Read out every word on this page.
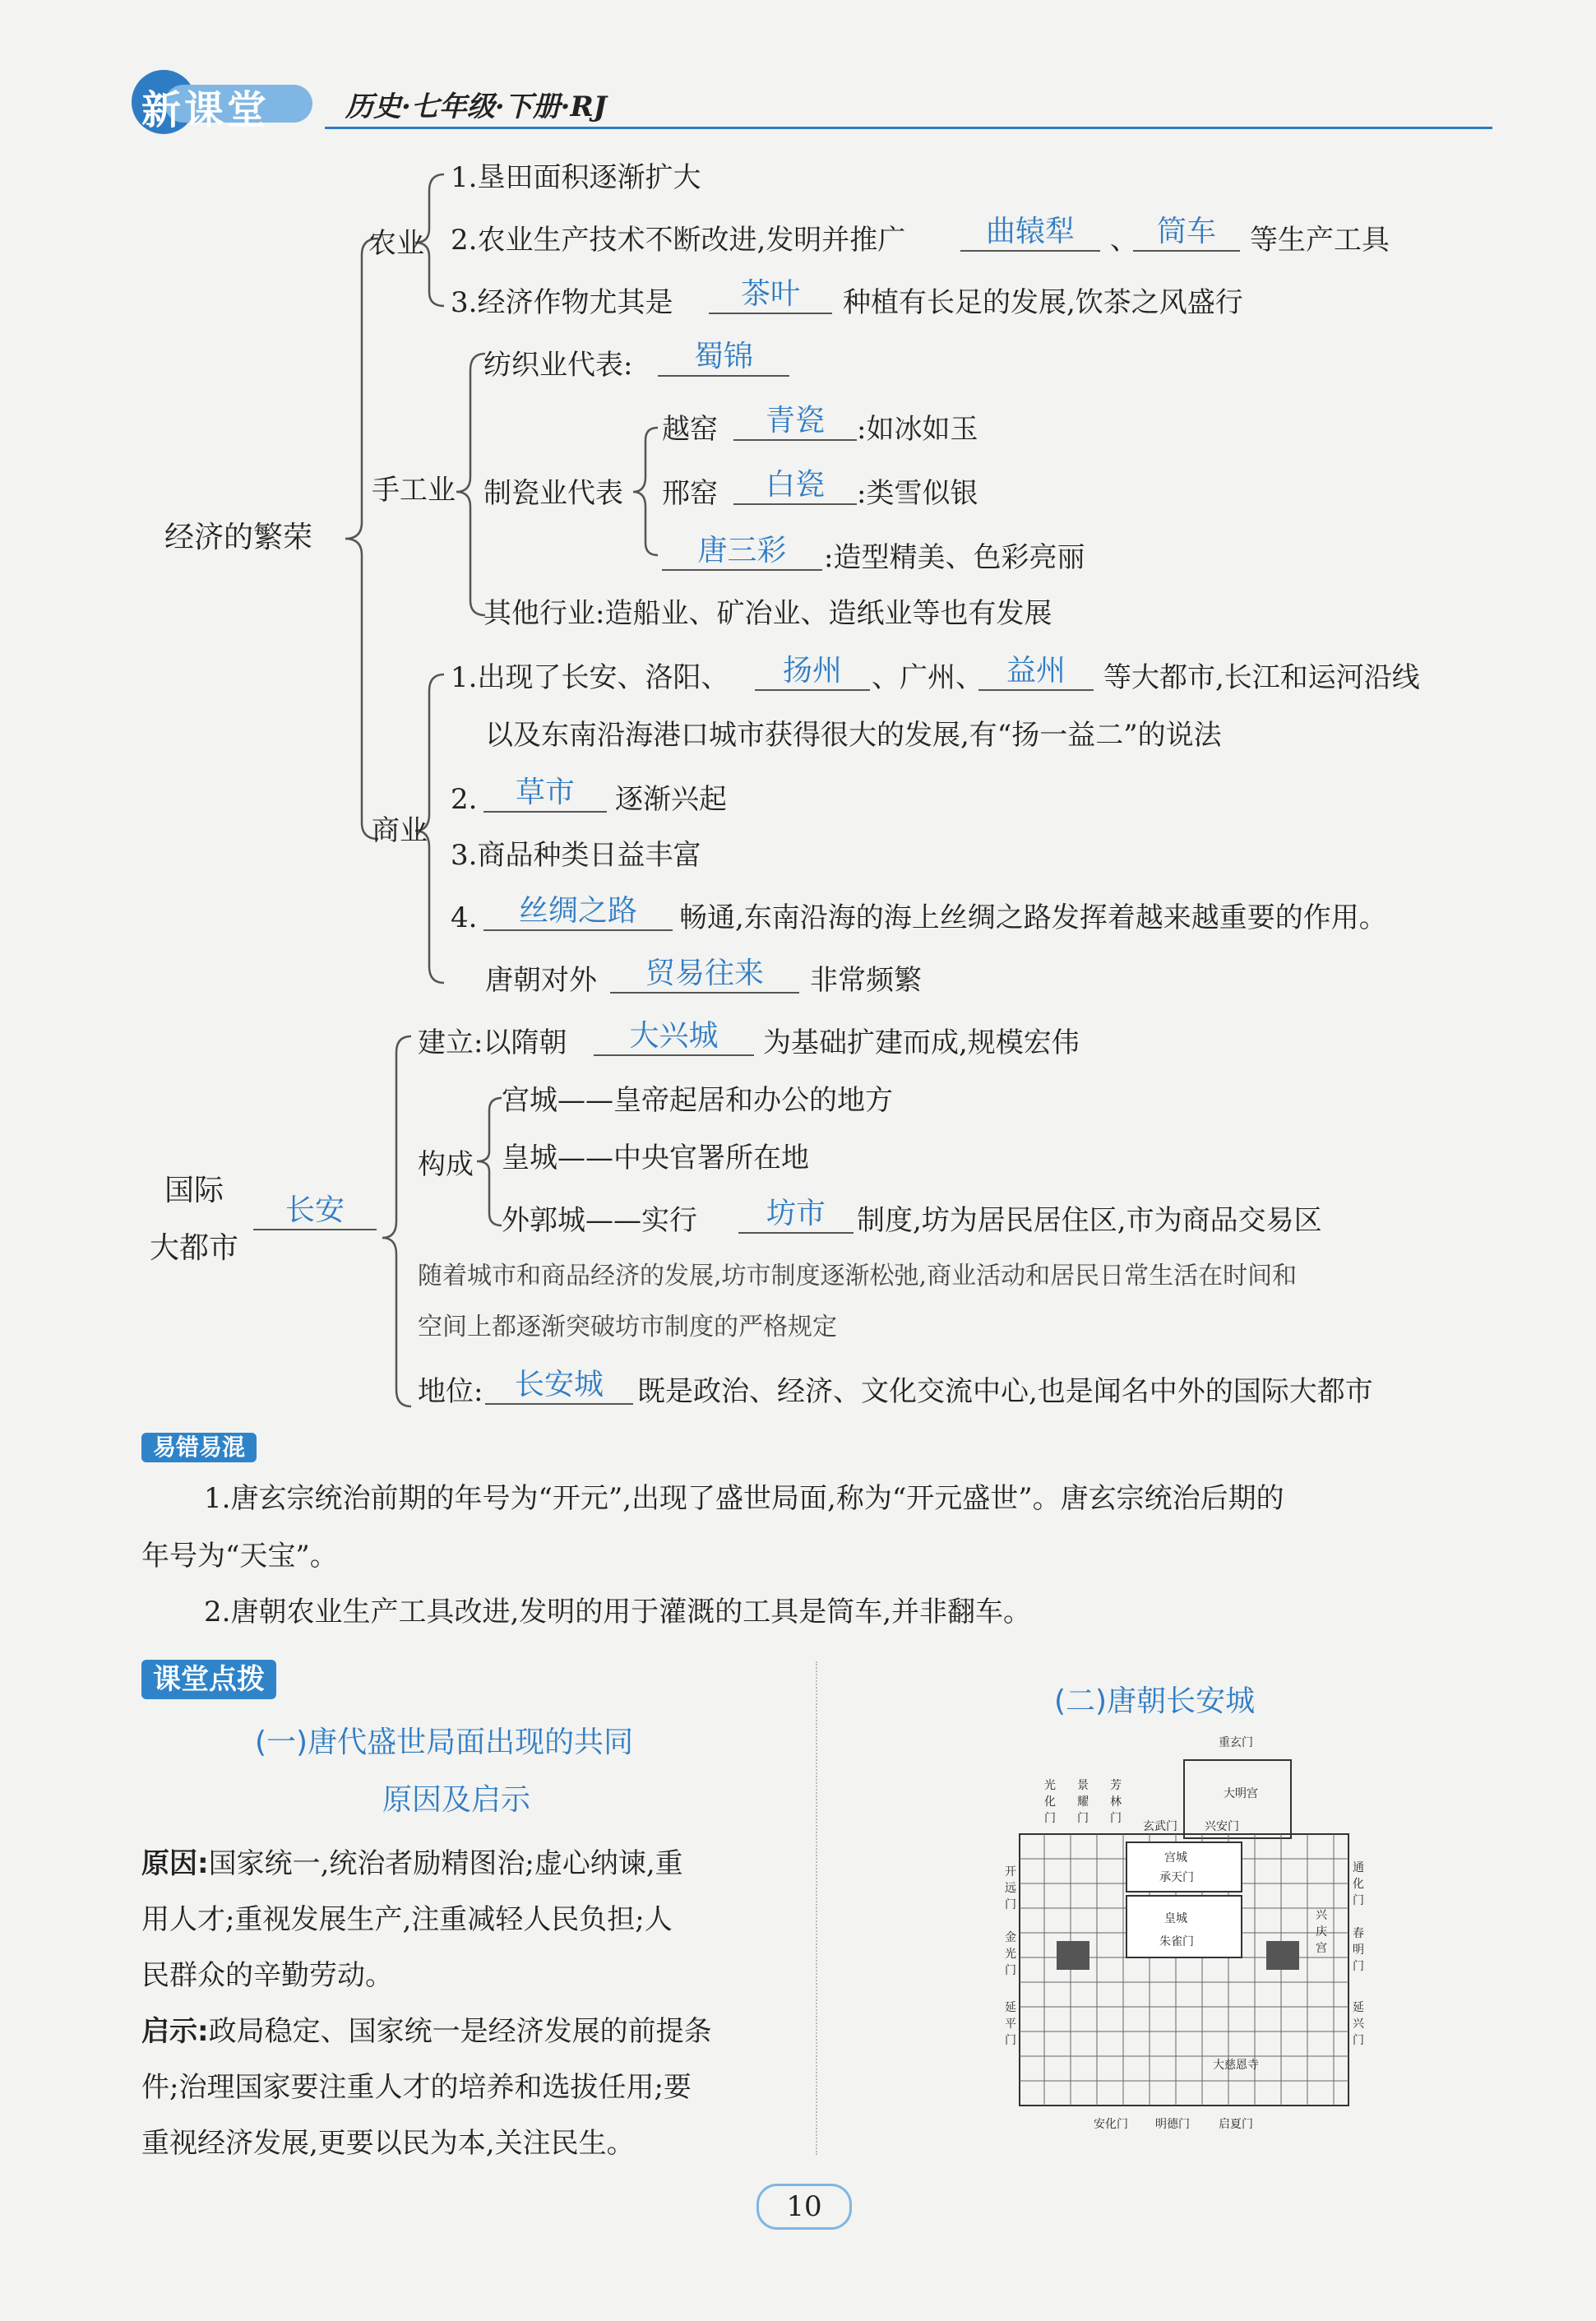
新课堂	历史·七年级·下册·RJ
经济的繁荣
农业
1.垦田面积逐渐扩大
2.农业生产技术不断改进,发明并推广	曲辕犁	、 筒车	等生产工具
3.经济作物尤其是	茶叶	种植有长足的发展,饮茶之风盛行
手工业
纺织业代表:	蜀锦
制瓷业代表
越窑	青瓷	:如冰如玉
邢窑	白瓷	:类雪似银
唐三彩	:造型精美、色彩亮丽
其他行业:造船业、矿冶业、造纸业等也有发展
商业
1.出现了长安、洛阳、	扬州	、广州、 益州	等大都市,长江和运河沿线
以及东南沿海港口城市获得很大的发展,有“扬一益二”的说法
2.	草市	逐渐兴起
3.商品种类日益丰富
4.	丝绸之路	畅通,东南沿海的海上丝绸之路发挥着越来越重要的作用。
唐朝对外	贸易往来	非常频繁
国际
大都市
长安
建立:以隋朝	大兴城	为基础扩建而成,规模宏伟
构成
宫城——皇帝起居和办公的地方
皇城——中央官署所在地
外郭城——实行	坊市	制度,坊为居民居住区,市为商品交易区
随着城市和商品经济的发展,坊市制度逐渐松弛,商业活动和居民日常生活在时间和
空间上都逐渐突破坊市制度的严格规定
地位:	长安城	既是政治、经济、文化交流中心,也是闻名中外的国际大都市
易错易混
1.唐玄宗统治前期的年号为“开元”,出现了盛世局面,称为“开元盛世”。唐玄宗统治后期的
年号为“天宝”。
2.唐朝农业生产工具改进,发明的用于灌溉的工具是筒车,并非翻车。
课堂点拨
(一)唐代盛世局面出现的共同
原因及启示
原因:国家统一,统治者励精图治;虚心纳谏,重
用人才;重视发展生产,注重减轻人民负担;人
民群众的辛勤劳动。
启示:政局稳定、国家统一是经济发展的前提条
件;治理国家要注重人才的培养和选拔任用;要
重视经济发展,更要以民为本,关注民生。
(二)唐朝长安城
重玄门
大明宫
玄武门 兴安门
光化门
景耀门
芳林门
宫城
承天门
皇城
朱雀门
开远门
金光门
延平门
通化门
春明门
延兴门
兴庆宫
大慈恩寺
安化门 明德门	启夏门
10
